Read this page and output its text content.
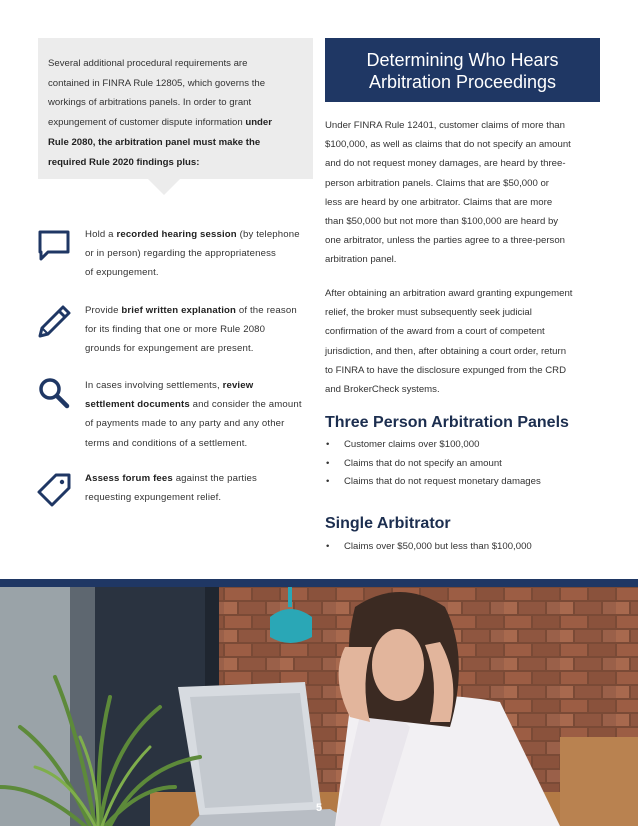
Several additional procedural requirements are
contained in FINRA Rule 12805, which governs the
workings of arbitrations panels. In order to grant
expungement of customer dispute information under
Rule 2080, the arbitration panel must make the
required Rule 2020 findings plus:
Hold a recorded hearing session (by telephone
or in person) regarding the appropriateness
of expungement.
Provide brief written explanation of the reason
for its finding that one or more Rule 2080
grounds for expungement are present.
In cases involving settlements, review
settlement documents and consider the amount
of payments made to any party and any other
terms and conditions of a settlement.
Assess forum fees against the parties
requesting expungement relief.
Determining Who Hears
Arbitration Proceedings
Under FINRA Rule 12401, customer claims of more than
$100,000, as well as claims that do not specify an amount
and do not request money damages, are heard by three-
person arbitration panels. Claims that are $50,000 or
less are heard by one arbitrator. Claims that are more
than $50,000 but not more than $100,000 are heard by
one arbitrator, unless the parties agree to a three-person
arbitration panel.
After obtaining an arbitration award granting expungement
relief, the broker must subsequently seek judicial
confirmation of the award from a court of competent
jurisdiction, and then, after obtaining a court order, return
to FINRA to have the disclosure expunged from the CRD
and BrokerCheck systems.
Three Person Arbitration Panels
• Customer claims over $100,000
• Claims that do not specify an amount
• Claims that do not request monetary damages
Single Arbitrator
• Claims over $50,000 but less than $100,000
5
